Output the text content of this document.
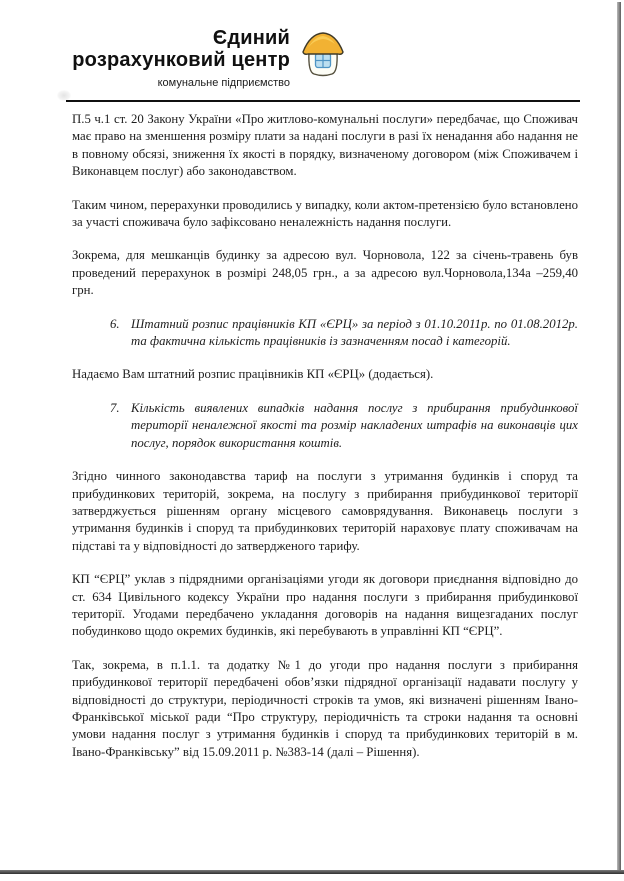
Єдиний
розрахунковий центр
комунальне підприємство

П.5 ч.1 ст. 20 Закону України «Про житлово-комунальні послуги» передбачає, що Споживач має право на зменшення розміру плати за надані послуги в разі їх ненадання або надання не в повному обсязі, зниження їх якості в порядку, визначеному договором (між Споживачем і Виконавцем послуг) або законодавством.

Таким чином, перерахунки проводились у випадку, коли актом-претензією було встановлено за участі споживача було зафіксовано неналежність надання послуги.

Зокрема, для мешканців будинку за адресою вул. Чорновола, 122 за січень-травень був проведений перерахунок в розмірі 248,05 грн., а за адресою вул.Чорновола,134а –259,40 грн.

6. Штатний розпис працівників КП «ЄРЦ» за період з 01.10.2011р. по 01.08.2012р. та фактична кількість працівників із зазначенням посад і категорій.

Надаємо Вам штатний розпис працівників КП «ЄРЦ» (додається).

7. Кількість виявлених випадків надання послуг з прибирання прибудинкової території неналежної якості та розмір накладених штрафів на виконавців цих послуг, порядок використання коштів.

Згідно чинного законодавства тариф на послуги з утримання будинків і споруд та прибудинкових територій, зокрема, на послугу з прибирання прибудинкової території затверджується рішенням органу місцевого самоврядування. Виконавець послуги з утримання будинків і споруд та прибудинкових територій нараховує плату споживачам на підставі та у відповідності до затвердженого тарифу.

КП “ЄРЦ” уклав з підрядними організаціями угоди як договори приєднання відповідно до ст. 634 Цивільного кодексу України про надання послуги з прибирання прибудинкової території. Угодами передбачено укладання договорів на надання вищезгаданих послуг побудинково щодо окремих будинків, які перебувають в управлінні КП “ЄРЦ”.

Так, зокрема, в п.1.1. та додатку №1 до угоди про надання послуги з прибирання прибудинкової території передбачені обов’язки підрядної організації надавати послугу у відповідності до структури, періодичності строків та умов, які визначені рішенням Івано-Франківської міської ради “Про структуру, періодичність та строки надання та основні умови надання послуг з утримання будинків і споруд та прибудинкових територій в м. Івано-Франківську” від 15.09.2011 р. №383-14 (далі – Рішення).
